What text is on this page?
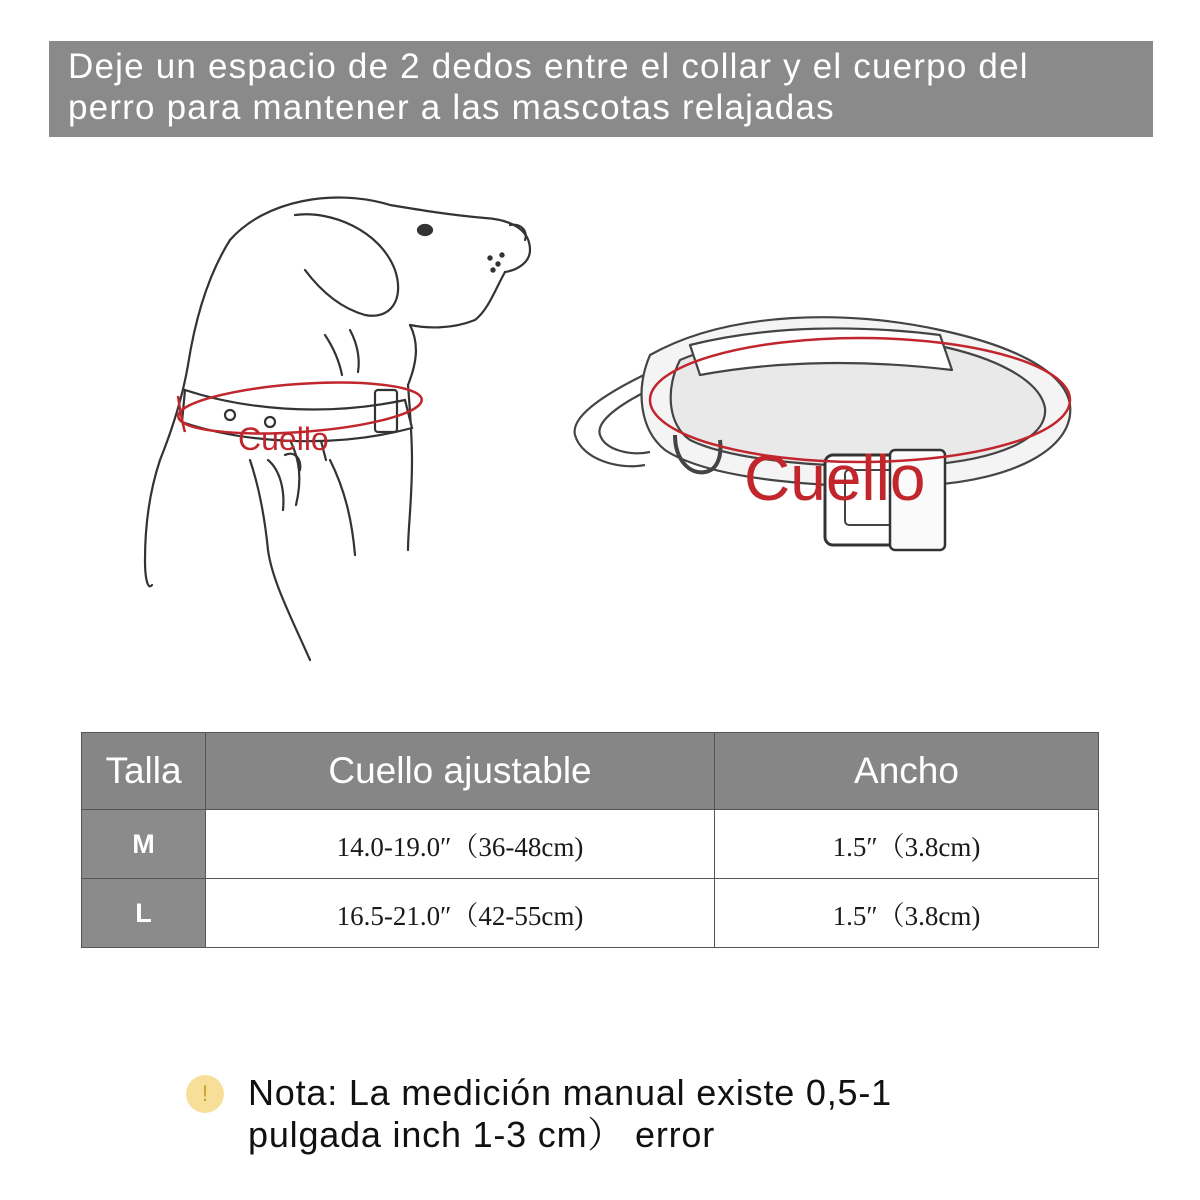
Deje un espacio de 2 dedos entre el collar y el cuerpo del
perro para mantener a las mascotas relajadas

Cuello
Cuello
Talla	Cuello ajustable	Ancho
M	14.0-19.0″（36-48cm)	1.5″（3.8cm)
L	16.5-21.0″（42-55cm)	1.5″（3.8cm)
!	Nota: La medición manual existe 0,5-1
pulgada inch 1-3 cm） error
